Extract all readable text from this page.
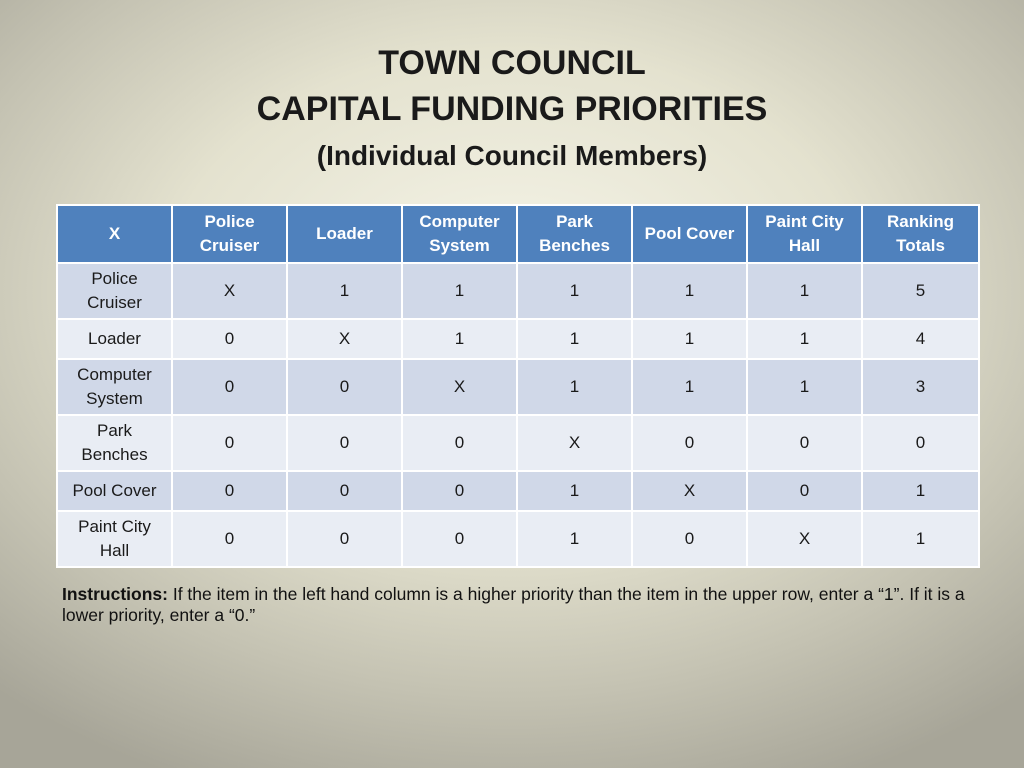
TOWN COUNCIL
CAPITAL FUNDING PRIORITIES
(Individual Council Members)
X	Police Cruiser	Loader	Computer System	Park Benches	Pool Cover	Paint City Hall	Ranking Totals
Police Cruiser	X	1	1	1	1	1	5
Loader	0	X	1	1	1	1	4
Computer System	0	0	X	1	1	1	3
Park Benches	0	0	0	X	0	0	0
Pool Cover	0	0	0	1	X	0	1
Paint City Hall	0	0	0	1	0	X	1
Instructions: If the item in the left hand column is a higher priority than the item in the upper row, enter a “1”. If it is a lower priority, enter a “0.”
